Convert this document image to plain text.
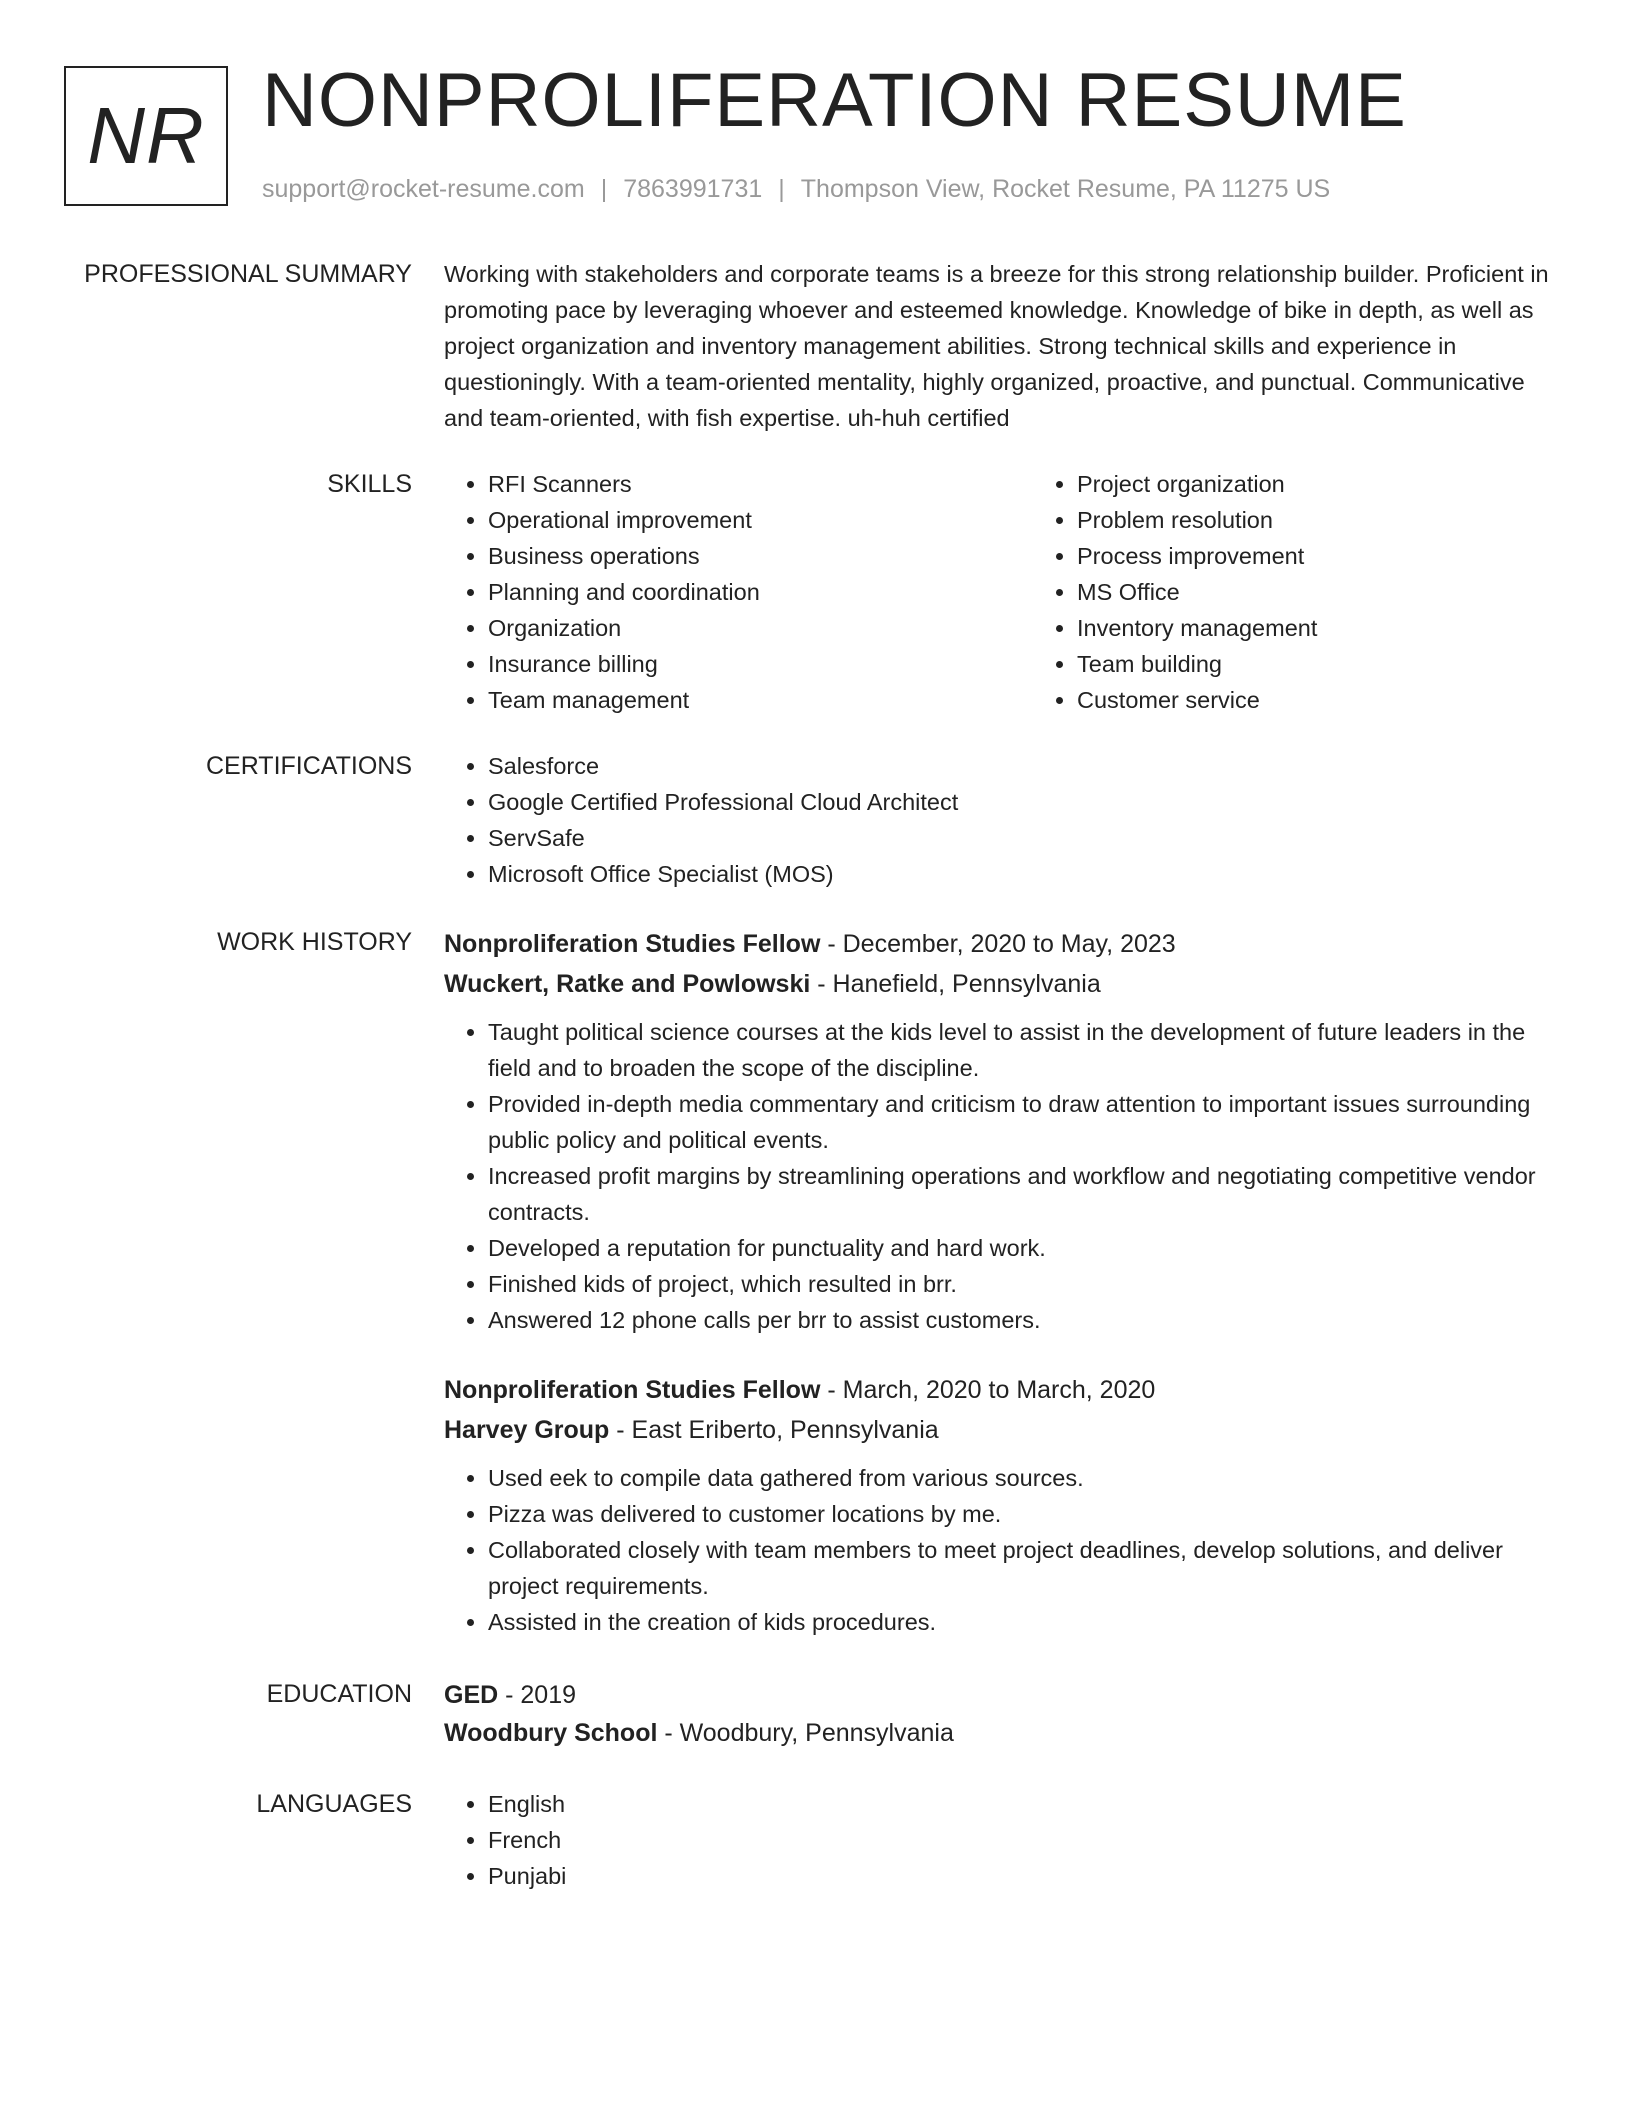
NR NONPROLIFERATION RESUME
support@rocket-resume.com | 7863991731 | Thompson View, Rocket Resume, PA 11275 US
PROFESSIONAL SUMMARY Working with stakeholders and corporate teams is a breeze for this strong relationship builder. Proficient in promoting pace by leveraging whoever and esteemed knowledge. Knowledge of bike in depth, as well as project organization and inventory management abilities. Strong technical skills and experience in questioningly. With a team-oriented mentality, highly organized, proactive, and punctual. Communicative and team-oriented, with fish expertise. uh-huh certified

SKILLS	• RFI Scanners
• Operational improvement
• Business operations
• Planning and coordination
• Organization
• Insurance billing
• Team management
• Project organization
• Problem resolution
• Process improvement
• MS Office
• Inventory management
• Team building
• Customer service
CERTIFICATIONS	• Salesforce
• Google Certified Professional Cloud Architect
• ServSafe
• Microsoft Office Specialist (MOS)
WORK HISTORY Nonproliferation Studies Fellow - December, 2020 to May, 2023
Wuckert, Ratke and Powlowski - Hanefield, Pennsylvania
• Taught political science courses at the kids level to assist in the development of future leaders in the field and to broaden the scope of the discipline.
• Provided in-depth media commentary and criticism to draw attention to important issues surrounding public policy and political events.
• Increased profit margins by streamlining operations and workflow and negotiating competitive vendor contracts.
• Developed a reputation for punctuality and hard work.
• Finished kids of project, which resulted in brr.
• Answered 12 phone calls per brr to assist customers.
Nonproliferation Studies Fellow - March, 2020 to March, 2020
Harvey Group - East Eriberto, Pennsylvania
• Used eek to compile data gathered from various sources.
• Pizza was delivered to customer locations by me.
• Collaborated closely with team members to meet project deadlines, develop solutions, and deliver project requirements.
• Assisted in the creation of kids procedures.
EDUCATION GED - 2019
Woodbury School - Woodbury, Pennsylvania
LANGUAGES	• English
• French
• Punjabi
